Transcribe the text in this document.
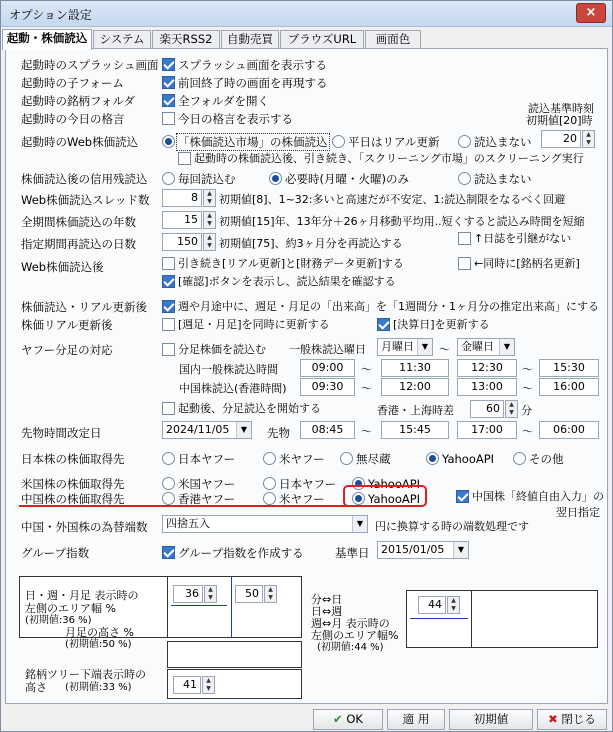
オプション設定	×
起動・株価読込	システム	楽天RSS2	自動売買	ブラウズURL	画面色
起動時のスプラッシュ画面 スプラッシュ画面を表示する
起動時の子フォーム	前回終了時の画面を再現する
起動時の銘柄フォルダ	全フォルダを開く
起動時の今日の格言	今日の格言を表示する
読込基準時刻
初期値[20]時
起動時のWeb株価読込	「株価読込市場」の株価読込 平日はリアル更新	読込まない	20	▲
▼
起動時の株価読込後、引き続き、「スクリーニング市場」のスクリーニング実行
株価読込後の信用残読込	毎回読込む	必要時(月曜・火曜)のみ	読込まない
Web株価読込スレッド数	8	▲
▼ 初期値[8]、1~32:多いと高速だが不安定、1:読込制限をなるべく回避
全期間株価読込の年数	15	▲
▼ 初期値[15]年、13年分＋26ヶ月移動平均用..短くすると読込み時間を短縮
指定期間再読込の日数	150	▲
▼ 初期値[75]、約3ヶ月分を再読込する	↑日誌を引継がない
Web株価読込後	引き続き[リアル更新]と[財務データ更新]する	←同時に[銘柄名更新]
[確認]ボタンを表示し、読込結果を確認する
株価読込・リアル更新後	週や月途中に、週足・月足の「出来高」を「1週間分・1ヶ月分の推定出来高」にする
株価リアル更新後	[週足・月足]を同時に更新する	[決算日]を更新する
ヤフー分足の対応	分足株価を読込む 一般株読込曜日	月曜日 ▼ ～	金曜日	▼
国内一般株読込時間	09:00	～	11:30	12:30	～	15:30
中国株読込(香港時間)	09:30	～	12:00	13:00	～	16:00
起動後、分足読込を開始する	香港・上海時差	60	▲
▼ 分
先物時間改定日	2024/11/05	▼	先物	08:45	～	15:45	17:00	～	06:00
日本株の株価取得先	日本ヤフー	米ヤフー	無尽蔵	YahooAPI	その他
米国株の株価取得先	米国ヤフー	日本ヤフー	YahooAPI
中国株の株価取得先	香港ヤフー	米ヤフー	YahooAPI	中国株「終値自由入力」の
翌日指定
中国・外国株の為替端数	四捨五入	▼	円に換算する時の端数処理です
グループ指数	グループ指数を作成する	基準日	2015/01/05	▼
36	▲
▼	50	▲
▼
日・週・月足 表示時の
左側のエリア幅 %
(初期値:36 %)
月足の高さ %
(初期値:50 %)
41	▲
▼
銘柄ツリー下端表示時の
高さ (初期値:33 %)
44	▲
▼
分⇔日
日⇔週
週⇔月 表示時の
左側のエリア幅%
(初期値:44 %)
✔ OK	適 用	初期値	✖ 閉じる
